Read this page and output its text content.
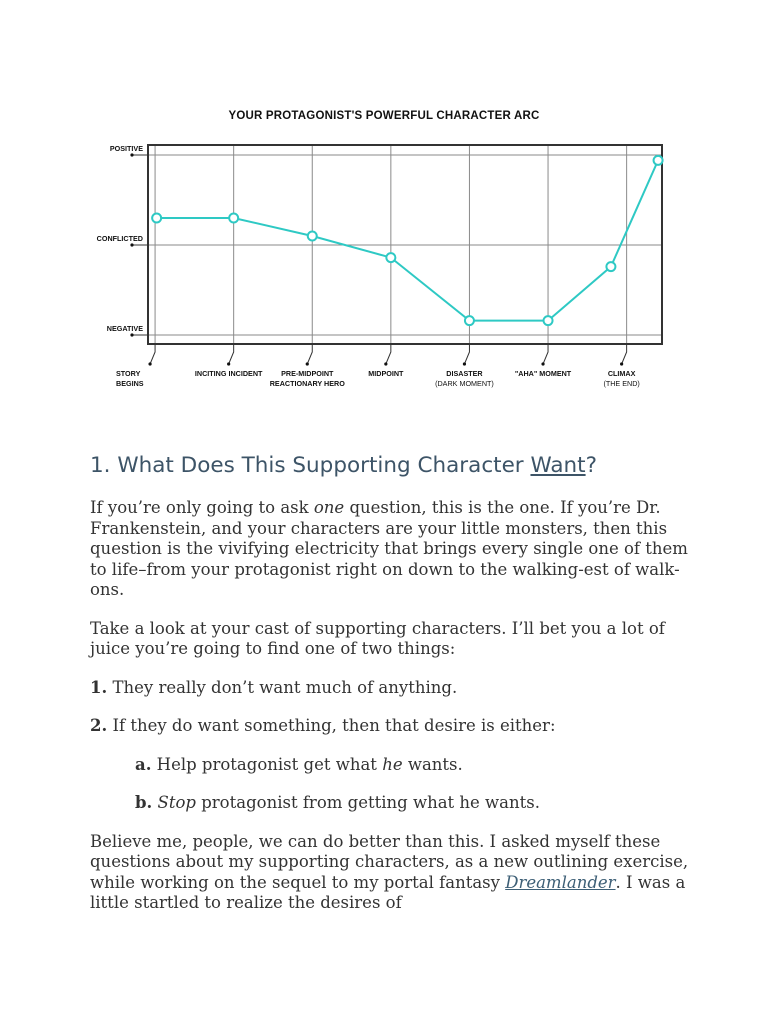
YOUR PROTAGONIST'S POWERFUL CHARACTER ARC
POSITIVE
CONFLICTED
NEGATIVE
STORY
BEGINS
INCITING INCIDENT	PRE-MIDPOINT
REACTIONARY HERO
MIDPOINT	DISASTER
(DARK MOMENT)
"AHA" MOMENT	CLIMAX
(THE END)
1. What Does This Supporting Character Want?

If you’re only going to ask one question, this is the one. If you’re Dr. Frankenstein, and your characters are your little monsters, then this question is the vivifying electricity that brings every single one of them to life–from your protagonist right on down to the walking-est of walk-ons.

Take a look at your cast of supporting characters. I’ll bet you a lot of juice you’re going to find one of two things:

1. They really don’t want much of anything.

2. If they do want something, then that desire is either:

a. Help protagonist get what he wants.

b. Stop protagonist from getting what he wants.

Believe me, people, we can do better than this. I asked myself these questions about my supporting characters, as a new outlining exercise, while working on the sequel to my portal fantasy Dreamlander. I was a little startled to realize the desires of
